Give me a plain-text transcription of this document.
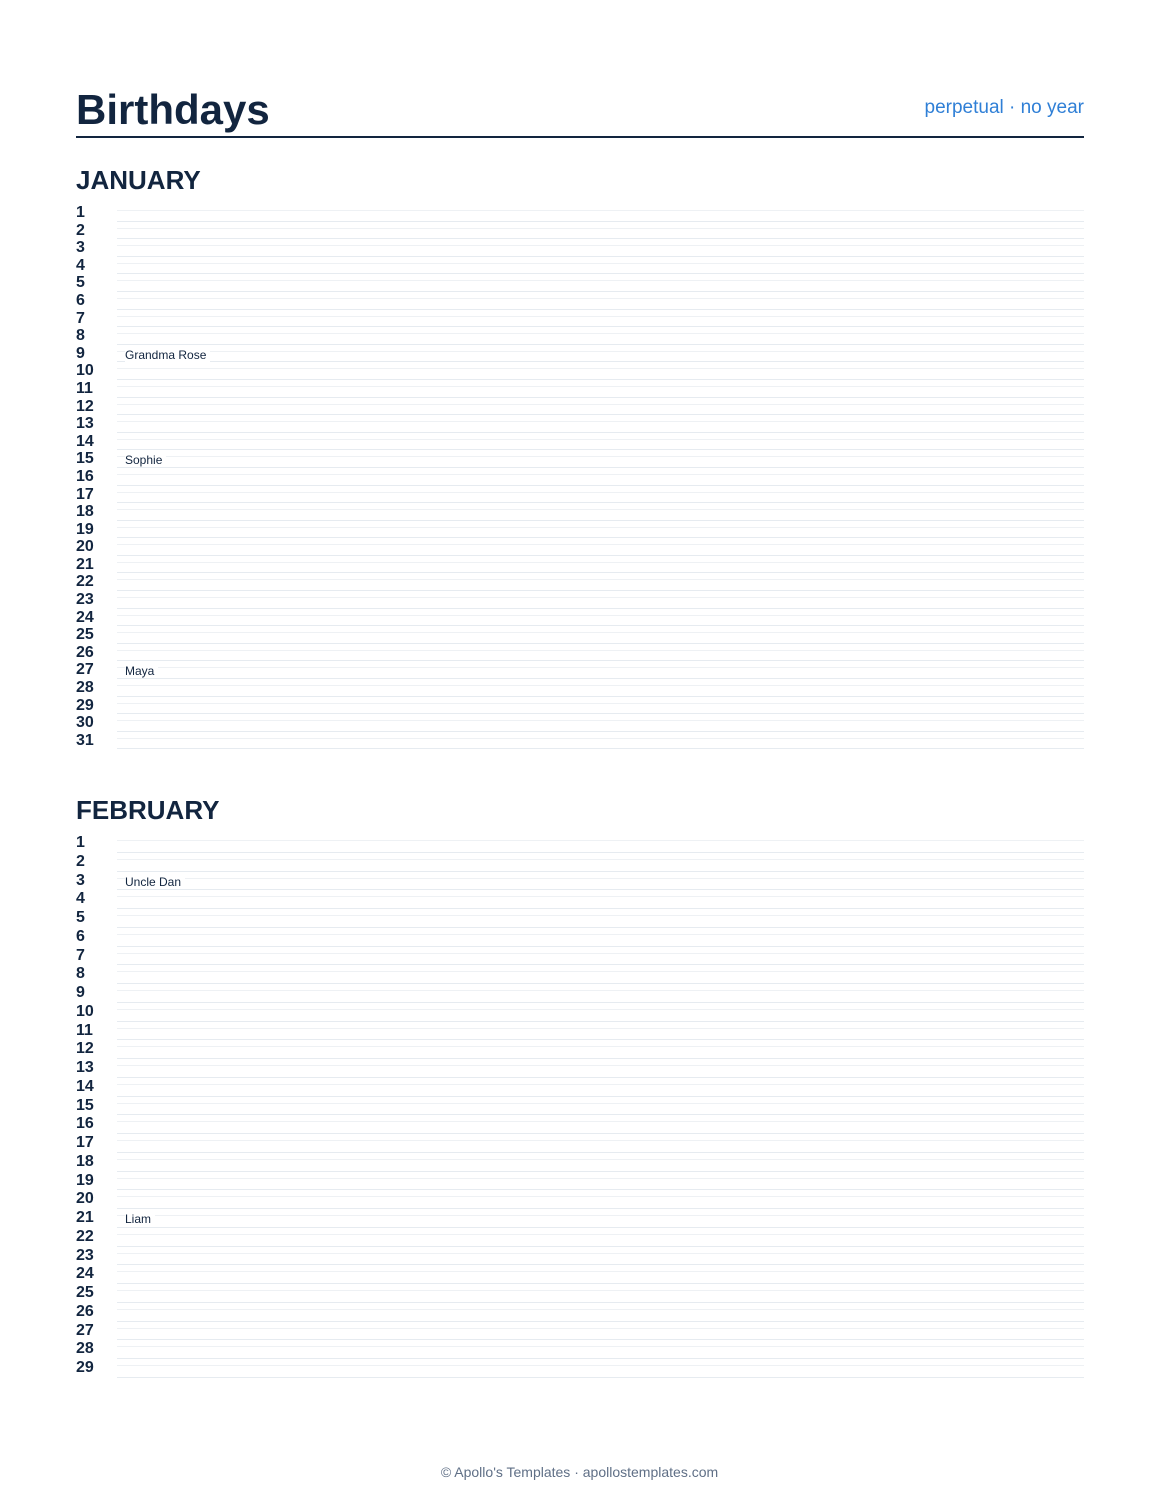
Birthdays	perpetual · no year
JANUARY
1
2
3
4
5
6
7
8
9	Grandma Rose
10
11
12
13
14
15	Sophie
16
17
18
19
20
21
22
23
24
25
26
27	Maya
28
29
30
31
FEBRUARY
1
2
3	Uncle Dan
4
5
6
7
8
9
10
11
12
13
14
15
16
17
18
19
20
21	Liam
22
23
24
25
26
27
28
29
© Apollo's Templates · apollostemplates.com
